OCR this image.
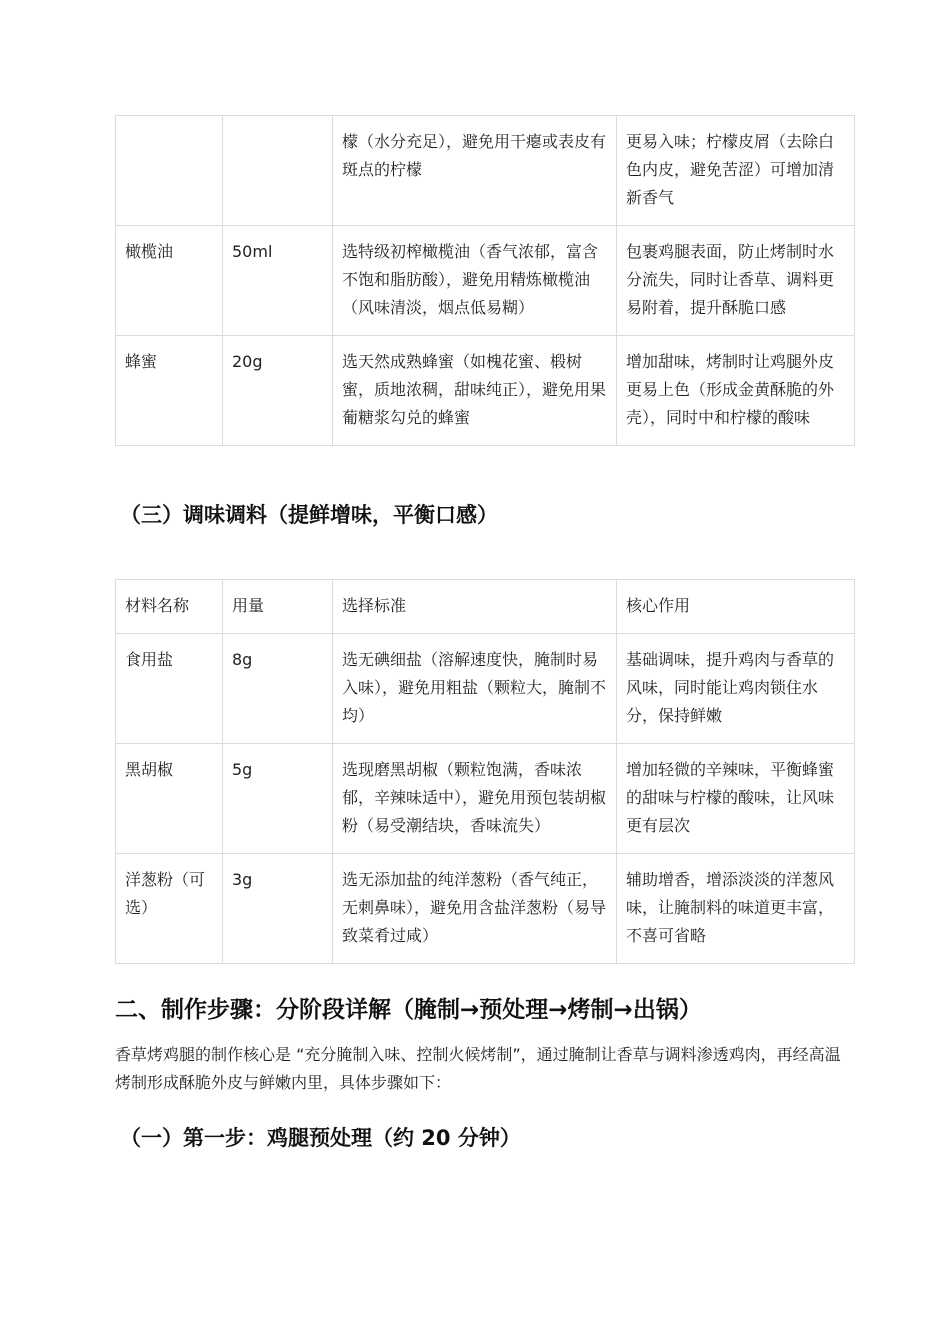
		檬（水分充足），避免用干瘪或表皮有斑点的柠檬	更易入味；柠檬皮屑（去除白色内皮，避免苦涩）可增加清新香气
橄榄油	50ml	选特级初榨橄榄油（香气浓郁，富含不饱和脂肪酸），避免用精炼橄榄油（风味清淡，烟点低易糊）	包裹鸡腿表面，防止烤制时水分流失，同时让香草、调料更易附着，提升酥脆口感
蜂蜜	20g	选天然成熟蜂蜜（如槐花蜜、椴树蜜，质地浓稠，甜味纯正），避免用果葡糖浆勾兑的蜂蜜	增加甜味，烤制时让鸡腿外皮更易上色（形成金黄酥脆的外壳），同时中和柠檬的酸味
（三）调味调料（提鲜增味，平衡口感）
材料名称	用量	选择标准	核心作用
食用盐	8g	选无碘细盐（溶解速度快，腌制时易入味），避免用粗盐（颗粒大，腌制不均）	基础调味，提升鸡肉与香草的风味，同时能让鸡肉锁住水分，保持鲜嫩
黑胡椒	5g	选现磨黑胡椒（颗粒饱满，香味浓郁，辛辣味适中），避免用预包装胡椒粉（易受潮结块，香味流失）	增加轻微的辛辣味，平衡蜂蜜的甜味与柠檬的酸味，让风味更有层次
洋葱粉（可选）	3g	选无添加盐的纯洋葱粉（香气纯正，无刺鼻味），避免用含盐洋葱粉（易导致菜肴过咸）	辅助增香，增添淡淡的洋葱风味，让腌制料的味道更丰富，不喜可省略
二、制作步骤：分阶段详解（腌制→预处理→烤制→出锅）
香草烤鸡腿的制作核心是 “充分腌制入味、控制火候烤制”，通过腌制让香草与调料渗透鸡肉，再经高温烤制形成酥脆外皮与鲜嫩内里，具体步骤如下：
（一）第一步：鸡腿预处理（约 20 分钟）
